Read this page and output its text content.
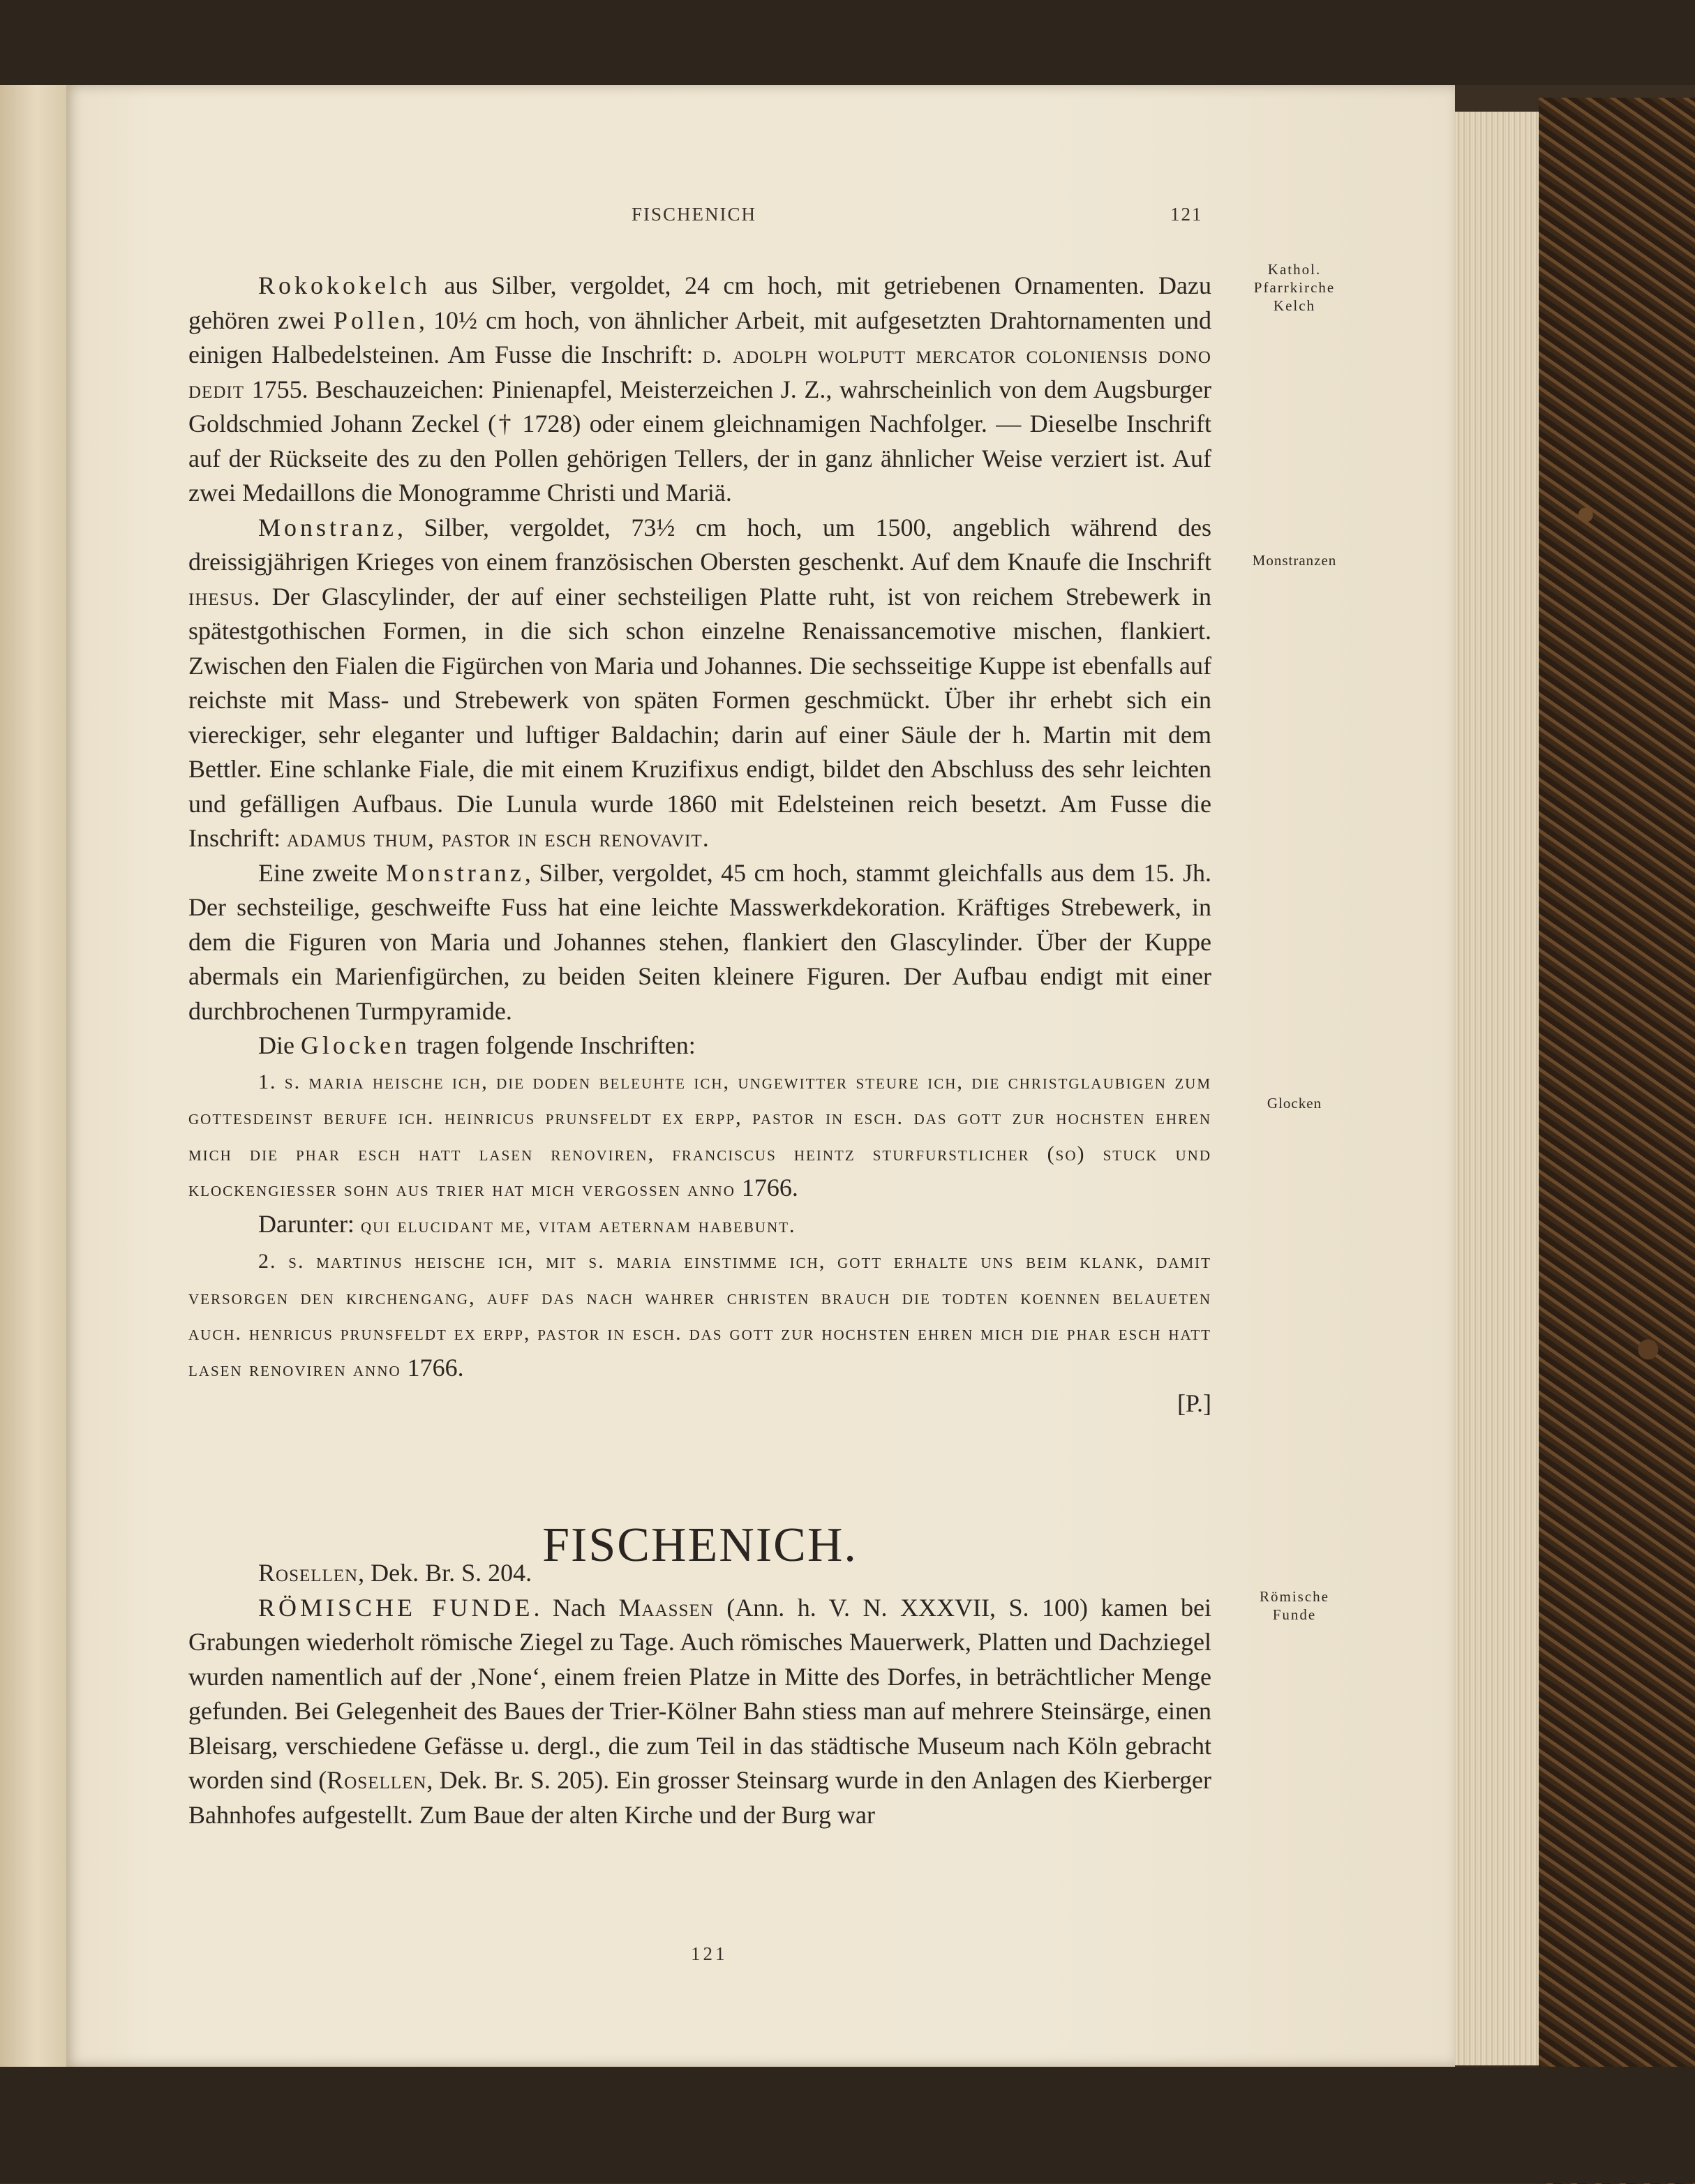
FISCHENICH	121
Kathol.
Pfarrkirche
Kelch
Monstranzen
Glocken
Römische
Funde

Rokokokelch aus Silber, vergoldet, 24 cm hoch, mit getriebenen Ornamenten. Dazu gehören zwei Pollen, 10½ cm hoch, von ähnlicher Arbeit, mit aufgesetzten Drahtornamenten und einigen Halbedelsteinen. Am Fusse die Inschrift: d. adolph wolputt mercator coloniensis dono dedit 1755. Beschauzeichen: Pinienapfel, Meisterzeichen J. Z., wahrscheinlich von dem Augsburger Goldschmied Johann Zeckel († 1728) oder einem gleichnamigen Nachfolger. — Dieselbe Inschrift auf der Rückseite des zu den Pollen gehörigen Tellers, der in ganz ähnlicher Weise verziert ist. Auf zwei Medaillons die Monogramme Christi und Mariä.

Monstranz, Silber, vergoldet, 73½ cm hoch, um 1500, angeblich während des dreissigjährigen Krieges von einem französischen Obersten geschenkt. Auf dem Knaufe die Inschrift ihesus. Der Glascylinder, der auf einer sechsteiligen Platte ruht, ist von reichem Strebewerk in spätestgothischen Formen, in die sich schon einzelne Renaissancemotive mischen, flankiert. Zwischen den Fialen die Figürchen von Maria und Johannes. Die sechsseitige Kuppe ist ebenfalls auf reichste mit Mass- und Strebewerk von späten Formen geschmückt. Über ihr erhebt sich ein viereckiger, sehr eleganter und luftiger Baldachin; darin auf einer Säule der h. Martin mit dem Bettler. Eine schlanke Fiale, die mit einem Kruzifixus endigt, bildet den Abschluss des sehr leichten und gefälligen Aufbaus. Die Lunula wurde 1860 mit Edelsteinen reich besetzt. Am Fusse die Inschrift: adamus thum, pastor in esch renovavit.

Eine zweite Monstranz, Silber, vergoldet, 45 cm hoch, stammt gleichfalls aus dem 15. Jh. Der sechsteilige, geschweifte Fuss hat eine leichte Masswerkdekoration. Kräftiges Strebewerk, in dem die Figuren von Maria und Johannes stehen, flankiert den Glascylinder. Über der Kuppe abermals ein Marienfigürchen, zu beiden Seiten kleinere Figuren. Der Aufbau endigt mit einer durchbrochenen Turmpyramide.

Die Glocken tragen folgende Inschriften:

1. s. maria heische ich, die doden beleuhte ich, ungewitter steure ich, die christglaubigen zum gottesdeinst berufe ich. heinricus prunsfeldt ex erpp, pastor in esch. das gott zur hochsten ehren mich die phar esch hatt lasen renoviren, franciscus heintz sturfurstlicher (so) stuck und klockengiesser sohn aus trier hat mich vergossen anno 1766.

Darunter: qui elucidant me, vitam aeternam habebunt.

2. s. martinus heische ich, mit s. maria einstimme ich, gott erhalte uns beim klank, damit versorgen den kirchengang, auff das nach wahrer christen brauch die todten koennen belaueten auch. henricus prunsfeldt ex erpp, pastor in esch. das gott zur hochsten ehren mich die phar esch hatt lasen renovіren anno 1766.
[P.]

FISCHENICH.

Rosellen, Dek. Br. S. 204.

RÖMISCHE FUNDE. Nach Maassen (Ann. h. V. N. XXXVII, S. 100) kamen bei Grabungen wiederholt römische Ziegel zu Tage. Auch römisches Mauerwerk, Platten und Dachziegel wurden namentlich auf der ‚None‘, einem freien Platze in Mitte des Dorfes, in beträchtlicher Menge gefunden. Bei Gelegenheit des Baues der Trier-Kölner Bahn stiess man auf mehrere Steinsärge, einen Bleisarg, verschiedene Gefässe u. dergl., die zum Teil in das städtische Museum nach Köln gebracht worden sind (Rosellen, Dek. Br. S. 205). Ein grosser Steinsarg wurde in den Anlagen des Kierberger Bahnhofes aufgestellt. Zum Baue der alten Kirche und der Burg war

121
